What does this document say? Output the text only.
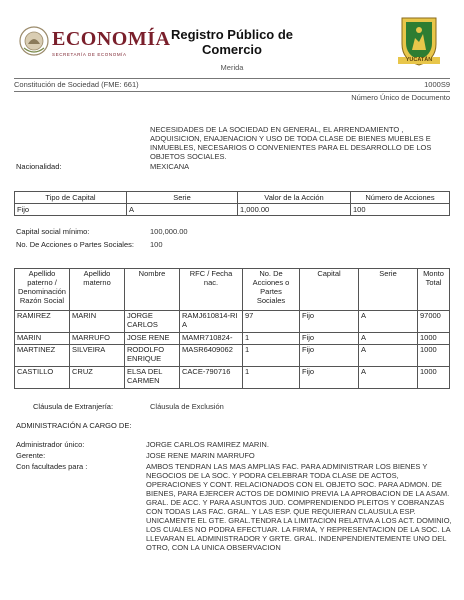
ECONOMÍA
SECRETARÍA DE ECONOMÍA
Registro Público de Comercio
YUCATÁN
Merida
Constitución de Sociedad (FME: 661)	1000S9
Número Único de Documento
NECESIDADES DE LA SOCIEDAD EN GENERAL, EL ARRENDAMIENTO , ADQUISICION, ENAJENACION Y USO DE TODA CLASE DE BIENES MUEBLES E INMUEBLES, NECESARIOS O CONVENIENTES PARA EL DESARROLLO DE LOS OBJETOS SOCIALES.
Nacionalidad:	MEXICANA
Tipo de Capital	Serie	Valor de la Acción	Número de Acciones
Fijo	A	1,000.00	100
Capital social mínimo:	100,000.00
No. De Acciones o Partes Sociales: 100
Apellido paterno / Denominación Razón Social	Apellido materno	Nombre	RFC / Fecha nac.	No. De Acciones o Partes Sociales	Capital	Serie	Monto Total
RAMIREZ	MARIN	JORGE CARLOS	RAMJ610814-RIA	97	Fijo	A	97000
MARIN	MARRUFO	JOSE RENE	MAMR710824-	1	Fijo	A	1000
MARTINEZ	SILVEIRA	RODOLFO ENRIQUE	MASR6409062	1	Fijo	A	1000
CASTILLO	CRUZ	ELSA DEL CARMEN	CACE-790716	1	Fijo	A	1000
Cláusula de Extranjería:	Cláusula de Exclusión
ADMINISTRACIÓN A CARGO DE:
Administrador único:	JORGE CARLOS RAMIREZ MARIN.
Gerente:	JOSE RENE MARIN MARRUFO
Con facultades para :	AMBOS TENDRAN LAS MAS AMPLIAS FAC. PARA ADMINISTRAR LOS BIENES Y NEGOCIOS DE LA SOC. Y PODRA CELEBRAR TODA CLASE DE ACTOS, OPERACIONES Y CONT. RELACIONADOS CON EL OBJETO SOC. PARA ADMON. DE BIENES, PARA EJERCER ACTOS DE DOMINIO PREVIA LA APROBACION DE LA ASAM. GRAL. DE ACC. Y PARA ASUNTOS JUD. COMPRENDIENDO PLEITOS Y COBRANZAS CON TODAS LAS FAC. GRAL. Y LAS ESP. QUE REQUIERAN CLAUSULA ESP. UNICAMENTE EL GTE. GRAL.TENDRA LA LIMITACION RELATIVA A LOS ACT. DOMINIO, LOS CUALES NO PODRA EFECTUAR. LA FIRMA, Y REPRESENTACION DE LA SOC. LA LLEVARAN EL ADMINISTRADOR Y GRTE. GRAL. INDENPENDIENTEMENTE UNO DEL OTRO, CON LA UNICA OBSERVACION
